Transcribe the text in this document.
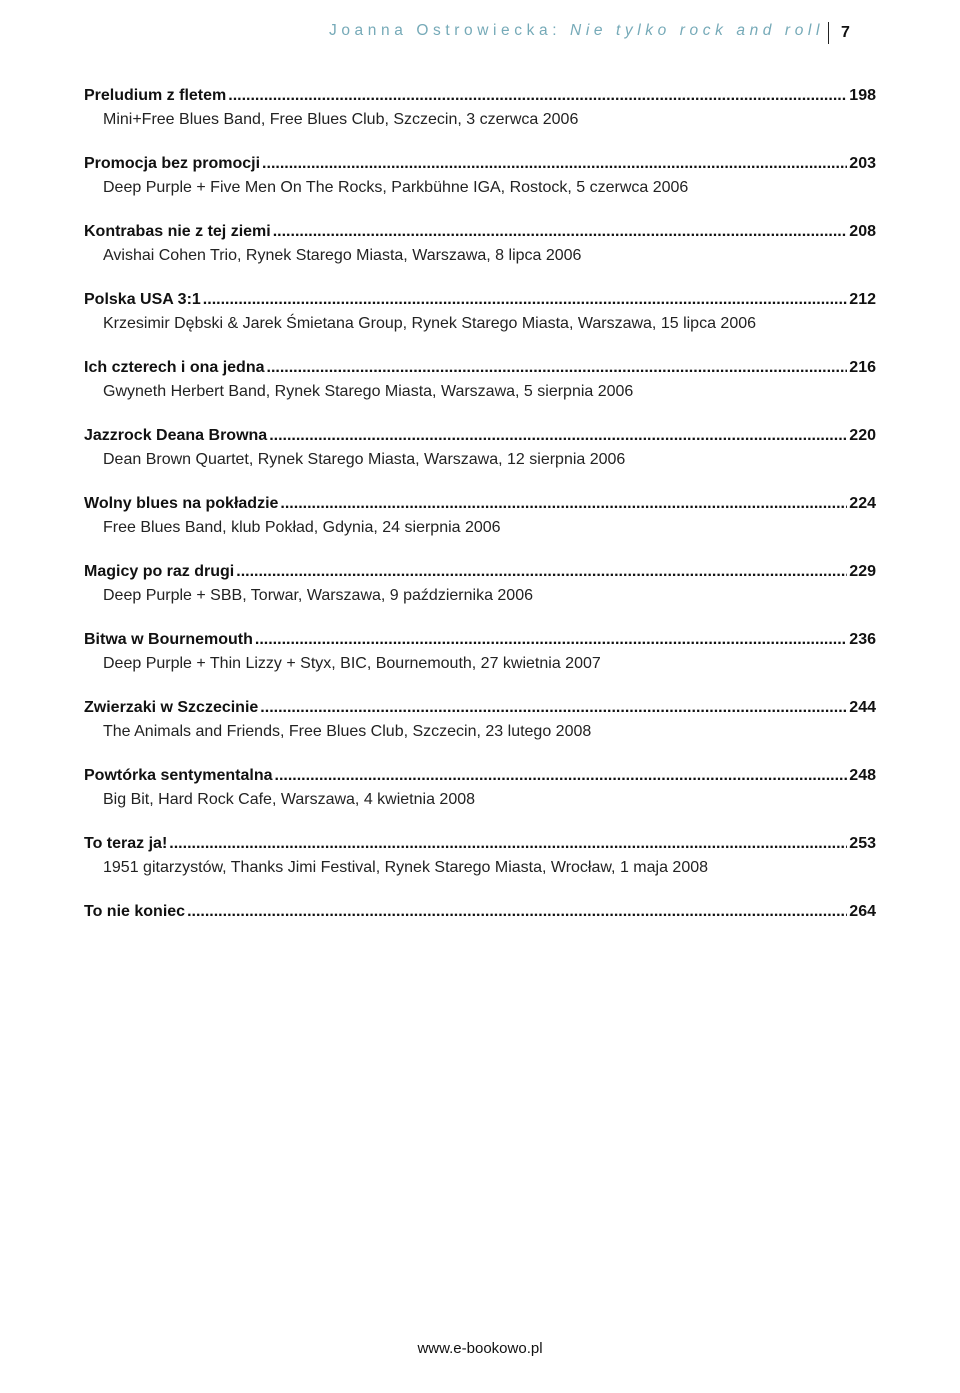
Joanna Ostrowiecka: Nie tylko rock and roll	7
Preludium z fletem .....	198
Mini+Free Blues Band, Free Blues Club, Szczecin, 3 czerwca 2006
Promocja bez promocji .....	203
Deep Purple + Five Men On The Rocks, Parkbühne IGA, Rostock, 5 czerwca 2006
Kontrabas nie z tej ziemi .....	208
Avishai Cohen Trio, Rynek Starego Miasta, Warszawa, 8 lipca 2006
Polska USA 3:1 .....	212
Krzesimir Dębski & Jarek Śmietana Group, Rynek Starego Miasta, Warszawa, 15 lipca 2006
Ich czterech i ona jedna .....	216
Gwyneth Herbert Band, Rynek Starego Miasta, Warszawa, 5 sierpnia 2006
Jazzrock Deana Browna .....	220
Dean Brown Quartet, Rynek Starego Miasta, Warszawa, 12 sierpnia 2006
Wolny blues na pokładzie .....	224
Free Blues Band, klub Pokład, Gdynia, 24 sierpnia 2006
Magicy po raz drugi .....	229
Deep Purple + SBB, Torwar, Warszawa, 9 października 2006
Bitwa w Bournemouth .....	236
Deep Purple + Thin Lizzy + Styx, BIC, Bournemouth, 27 kwietnia 2007
Zwierzaki w Szczecinie .....	244
The Animals and Friends, Free Blues Club, Szczecin, 23 lutego 2008
Powtórka sentymentalna .....	248
Big Bit, Hard Rock Cafe, Warszawa, 4 kwietnia 2008
To teraz ja! .....	253
1951 gitarzystów, Thanks Jimi Festival, Rynek Starego Miasta, Wrocław, 1 maja 2008
To nie koniec .....	264
www.e-bookowo.pl
